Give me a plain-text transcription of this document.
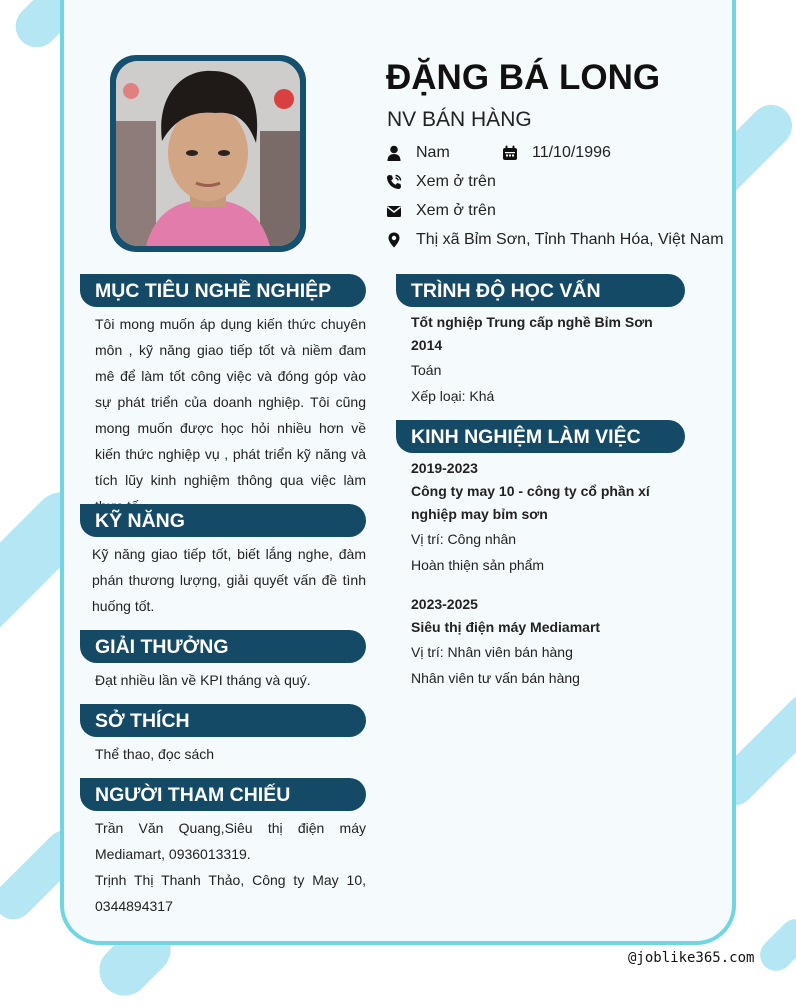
ĐẶNG BÁ LONG
NV BÁN HÀNG
Nam	11/10/1996
Xem ở trên
Xem ở trên
Thị xã Bỉm Sơn, Tỉnh Thanh Hóa, Việt Nam
MỤC TIÊU NGHỀ NGHIỆP
Tôi mong muốn áp dụng kiến thức chuyên môn , kỹ năng giao tiếp tốt và niềm đam mê để làm tốt công việc và đóng góp vào sự phát triển của doanh nghiệp. Tôi cũng mong muốn được học hỏi nhiều hơn về kiến thức nghiệp vụ , phát triển kỹ năng và tích lũy kinh nghiệm thông qua việc làm
KỸ NĂNG
Kỹ năng giao tiếp tốt, biết lắng nghe, đàm phán thương lượng, giải quyết vấn đề tình huống tốt.
GIẢI THƯỞNG
Đạt nhiều lần về KPI tháng và quý.
SỞ THÍCH
Thể thao, đọc sách
NGƯỜI THAM CHIẾU
Trần Văn Quang,Siêu thị điện máy Mediamart, 0936013319.
Trịnh Thị Thanh Thảo, Công ty May 10, 0344894317
TRÌNH ĐỘ HỌC VẤN
Tốt nghiệp Trung cấp nghề Bỉm Sơn
2014
Toán
Xếp loại: Khá
KINH NGHIỆM LÀM VIỆC
2019-2023
Công ty may 10 - công ty cổ phần xí nghiệp may bỉm sơn
Vị trí: Công nhân
Hoàn thiện sản phẩm
2023-2025
Siêu thị điện máy Mediamart
Vị trí: Nhân viên bán hàng
Nhân viên tư vấn bán hàng
@joblike365.com
